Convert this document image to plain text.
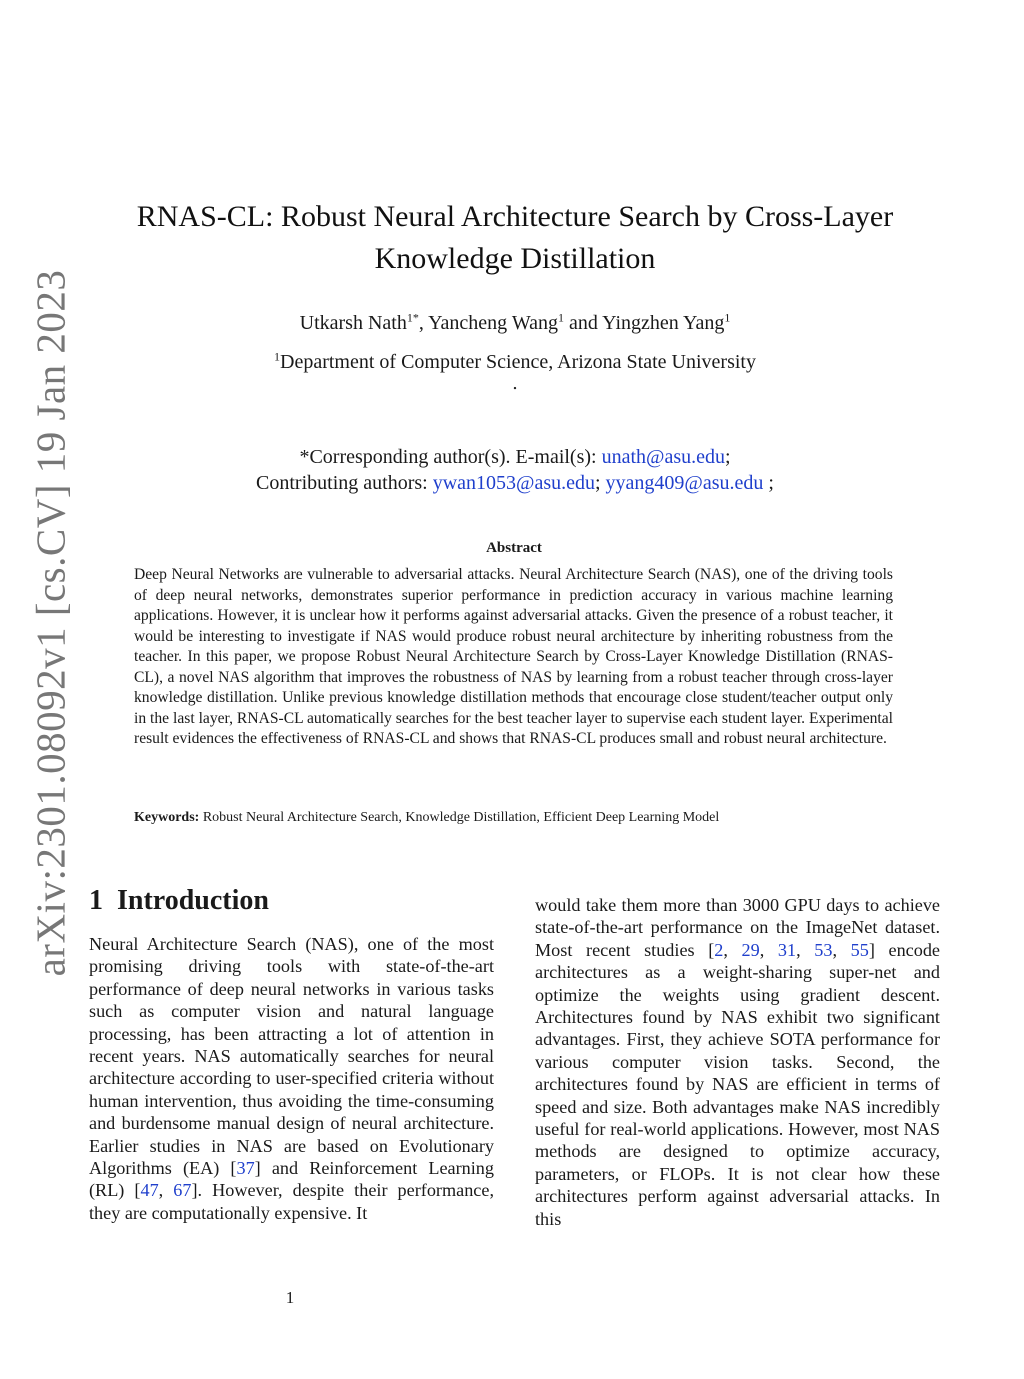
arXiv:2301.08092v1 [cs.CV] 19 Jan 2023
RNAS-CL: Robust Neural Architecture Search by Cross-Layer Knowledge Distillation
Utkarsh Nath$^{1*}$, Yancheng Wang$^1$ and Yingzhen Yang$^1$
$^1$Department of Computer Science, Arizona State University
.
*Corresponding author(s). E-mail(s): unath@asu.edu;
Contributing authors: ywan1053@asu.edu; yyang409@asu.edu ;
Abstract
Deep Neural Networks are vulnerable to adversarial attacks. Neural Architecture Search (NAS), one of the driving tools of deep neural networks, demonstrates superior performance in prediction accuracy in various machine learning applications. However, it is unclear how it performs against adversarial attacks. Given the presence of a robust teacher, it would be interesting to investigate if NAS would produce robust neural architecture by inheriting robustness from the teacher. In this paper, we propose Robust Neural Architecture Search by Cross-Layer Knowledge Distillation (RNAS-CL), a novel NAS algorithm that improves the robustness of NAS by learning from a robust teacher through cross-layer knowledge distillation. Unlike previous knowledge distillation methods that encourage close student/teacher output only in the last layer, RNAS-CL automatically searches for the best teacher layer to supervise each student layer. Experimental result evidences the effectiveness of RNAS-CL and shows that RNAS-CL produces small and robust neural architecture.
Keywords: Robust Neural Architecture Search, Knowledge Distillation, Efficient Deep Learning Model
1 Introduction
Neural Architecture Search (NAS), one of the most promising driving tools with state-of-the-art performance of deep neural networks in various tasks such as computer vision and natural language processing, has been attracting a lot of attention in recent years. NAS automatically searches for neural architecture according to user-specified criteria without human intervention, thus avoiding the time-consuming and burdensome manual design of neural architecture. Earlier studies in NAS are based on Evolutionary Algorithms (EA) [37] and Reinforcement Learning (RL) [47, 67]. However, despite their performance, they are computationally expensive. It
would take them more than 3000 GPU days to achieve state-of-the-art performance on the ImageNet dataset. Most recent studies [2, 29, 31, 53, 55] encode architectures as a weight-sharing super-net and optimize the weights using gradient descent. Architectures found by NAS exhibit two significant advantages. First, they achieve SOTA performance for various computer vision tasks. Second, the architectures found by NAS are efficient in terms of speed and size. Both advantages make NAS incredibly useful for real-world applications. However, most NAS methods are designed to optimize accuracy, parameters, or FLOPs. It is not clear how these architectures perform against adversarial attacks. In this
1
